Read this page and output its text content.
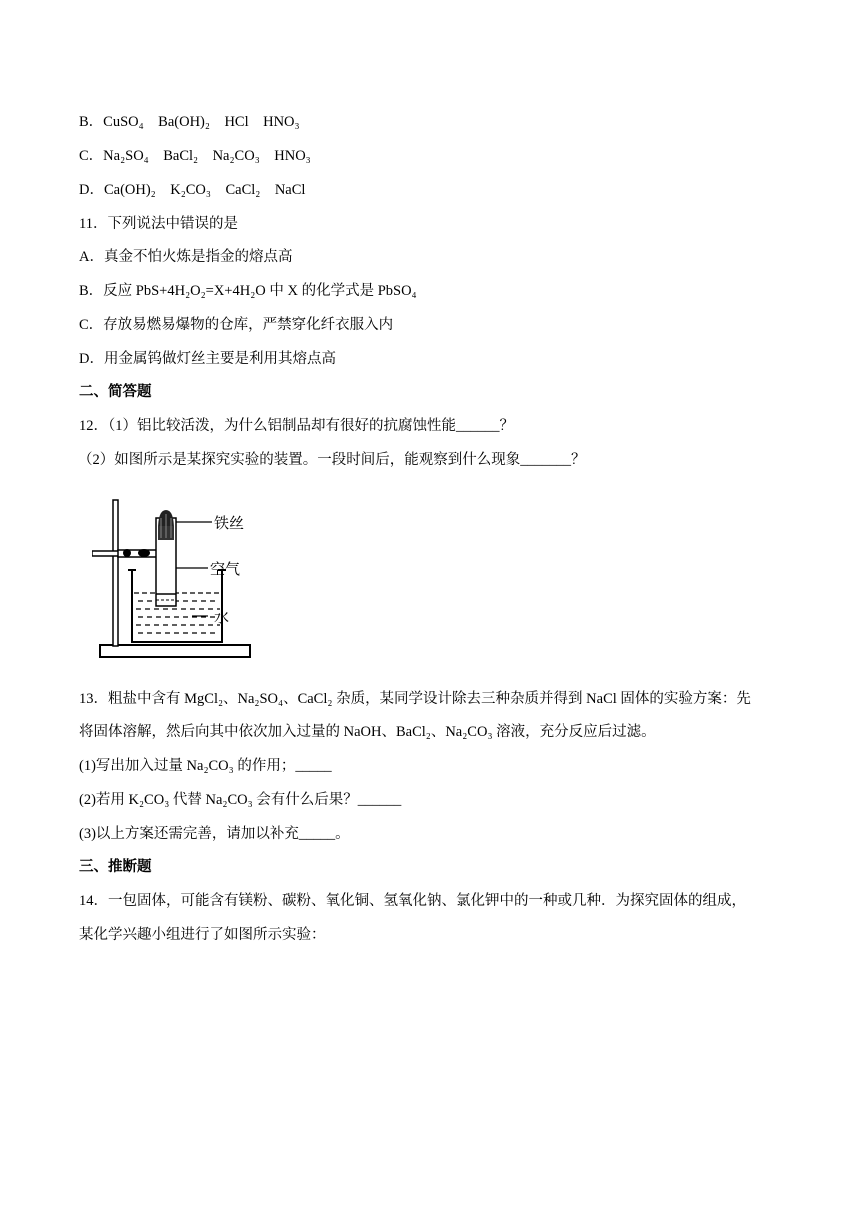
B．CuSO₄　Ba(OH)₂　HCl　HNO₃
C．Na₂SO₄　BaCl₂　Na₂CO₃　HNO₃
D．Ca(OH)₂　K₂CO₃　CaCl₂　NaCl
11．下列说法中错误的是
A．真金不怕火炼是指金的熔点高
B．反应 PbS+4H₂O₂=X+4H₂O 中 X 的化学式是 PbSO₄
C．存放易燃易爆物的仓库，严禁穿化纤衣服入内
D．用金属钨做灯丝主要是利用其熔点高
二、简答题
12．（1）铝比较活泼，为什么铝制品却有很好的抗腐蚀性能______？
（2）如图所示是某探究实验的装置。一段时间后，能观察到什么现象_______？
铁丝
空气
水
13．粗盐中含有 MgCl₂、Na₂SO₄、CaCl₂ 杂质，某同学设计除去三种杂质并得到 NaCl 固体的实验方案：先
将固体溶解，然后向其中依次加入过量的 NaOH、BaCl₂、Na₂CO₃ 溶液，充分反应后过滤。
(1)写出加入过量 Na₂CO₃ 的作用；_____
(2)若用 K₂CO₃ 代替 Na₂CO₃ 会有什么后果？______
(3)以上方案还需完善，请加以补充_____。
三、推断题
14．一包固体，可能含有镁粉、碳粉、氧化铜、氢氧化钠、氯化钾中的一种或几种．为探究固体的组成，
某化学兴趣小组进行了如图所示实验：
